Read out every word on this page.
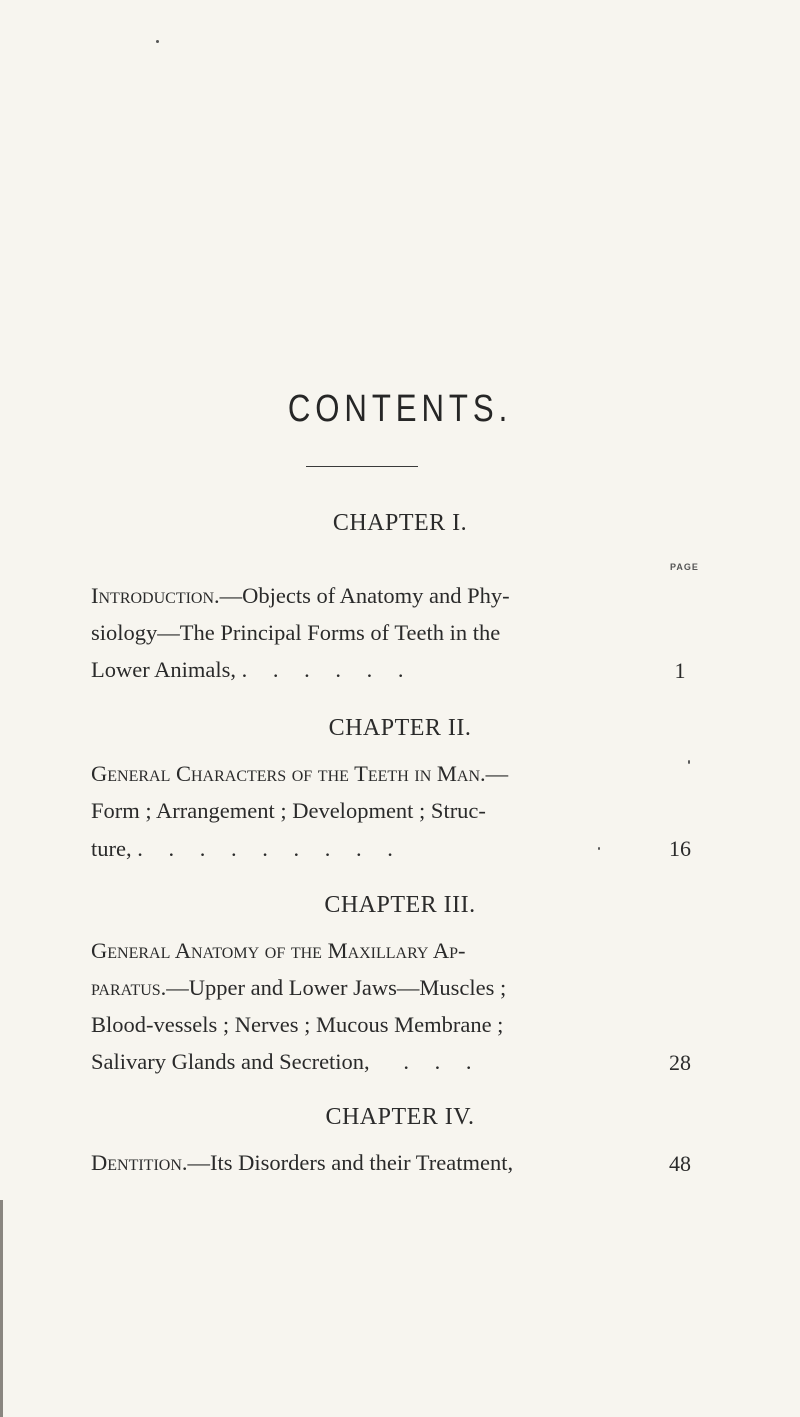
CONTENTS.
CHAPTER I.
PAGE
Introduction.—Objects of Anatomy and Phy-
siology—The Principal Forms of Teeth in the
Lower Animals, . . . . . .	1
CHAPTER II.
General Characters of the Teeth in Man.—
Form ; Arrangement ; Development ; Struc-
ture, . . . . . . . . .	16
CHAPTER III.
General Anatomy of the Maxillary Ap-
paratus.—Upper and Lower Jaws—Muscles ;
Blood-vessels ; Nerves ; Mucous Membrane ;
Salivary Glands and Secretion, . . .	28
CHAPTER IV.
Dentition.—Its Disorders and their Treatment,	48
